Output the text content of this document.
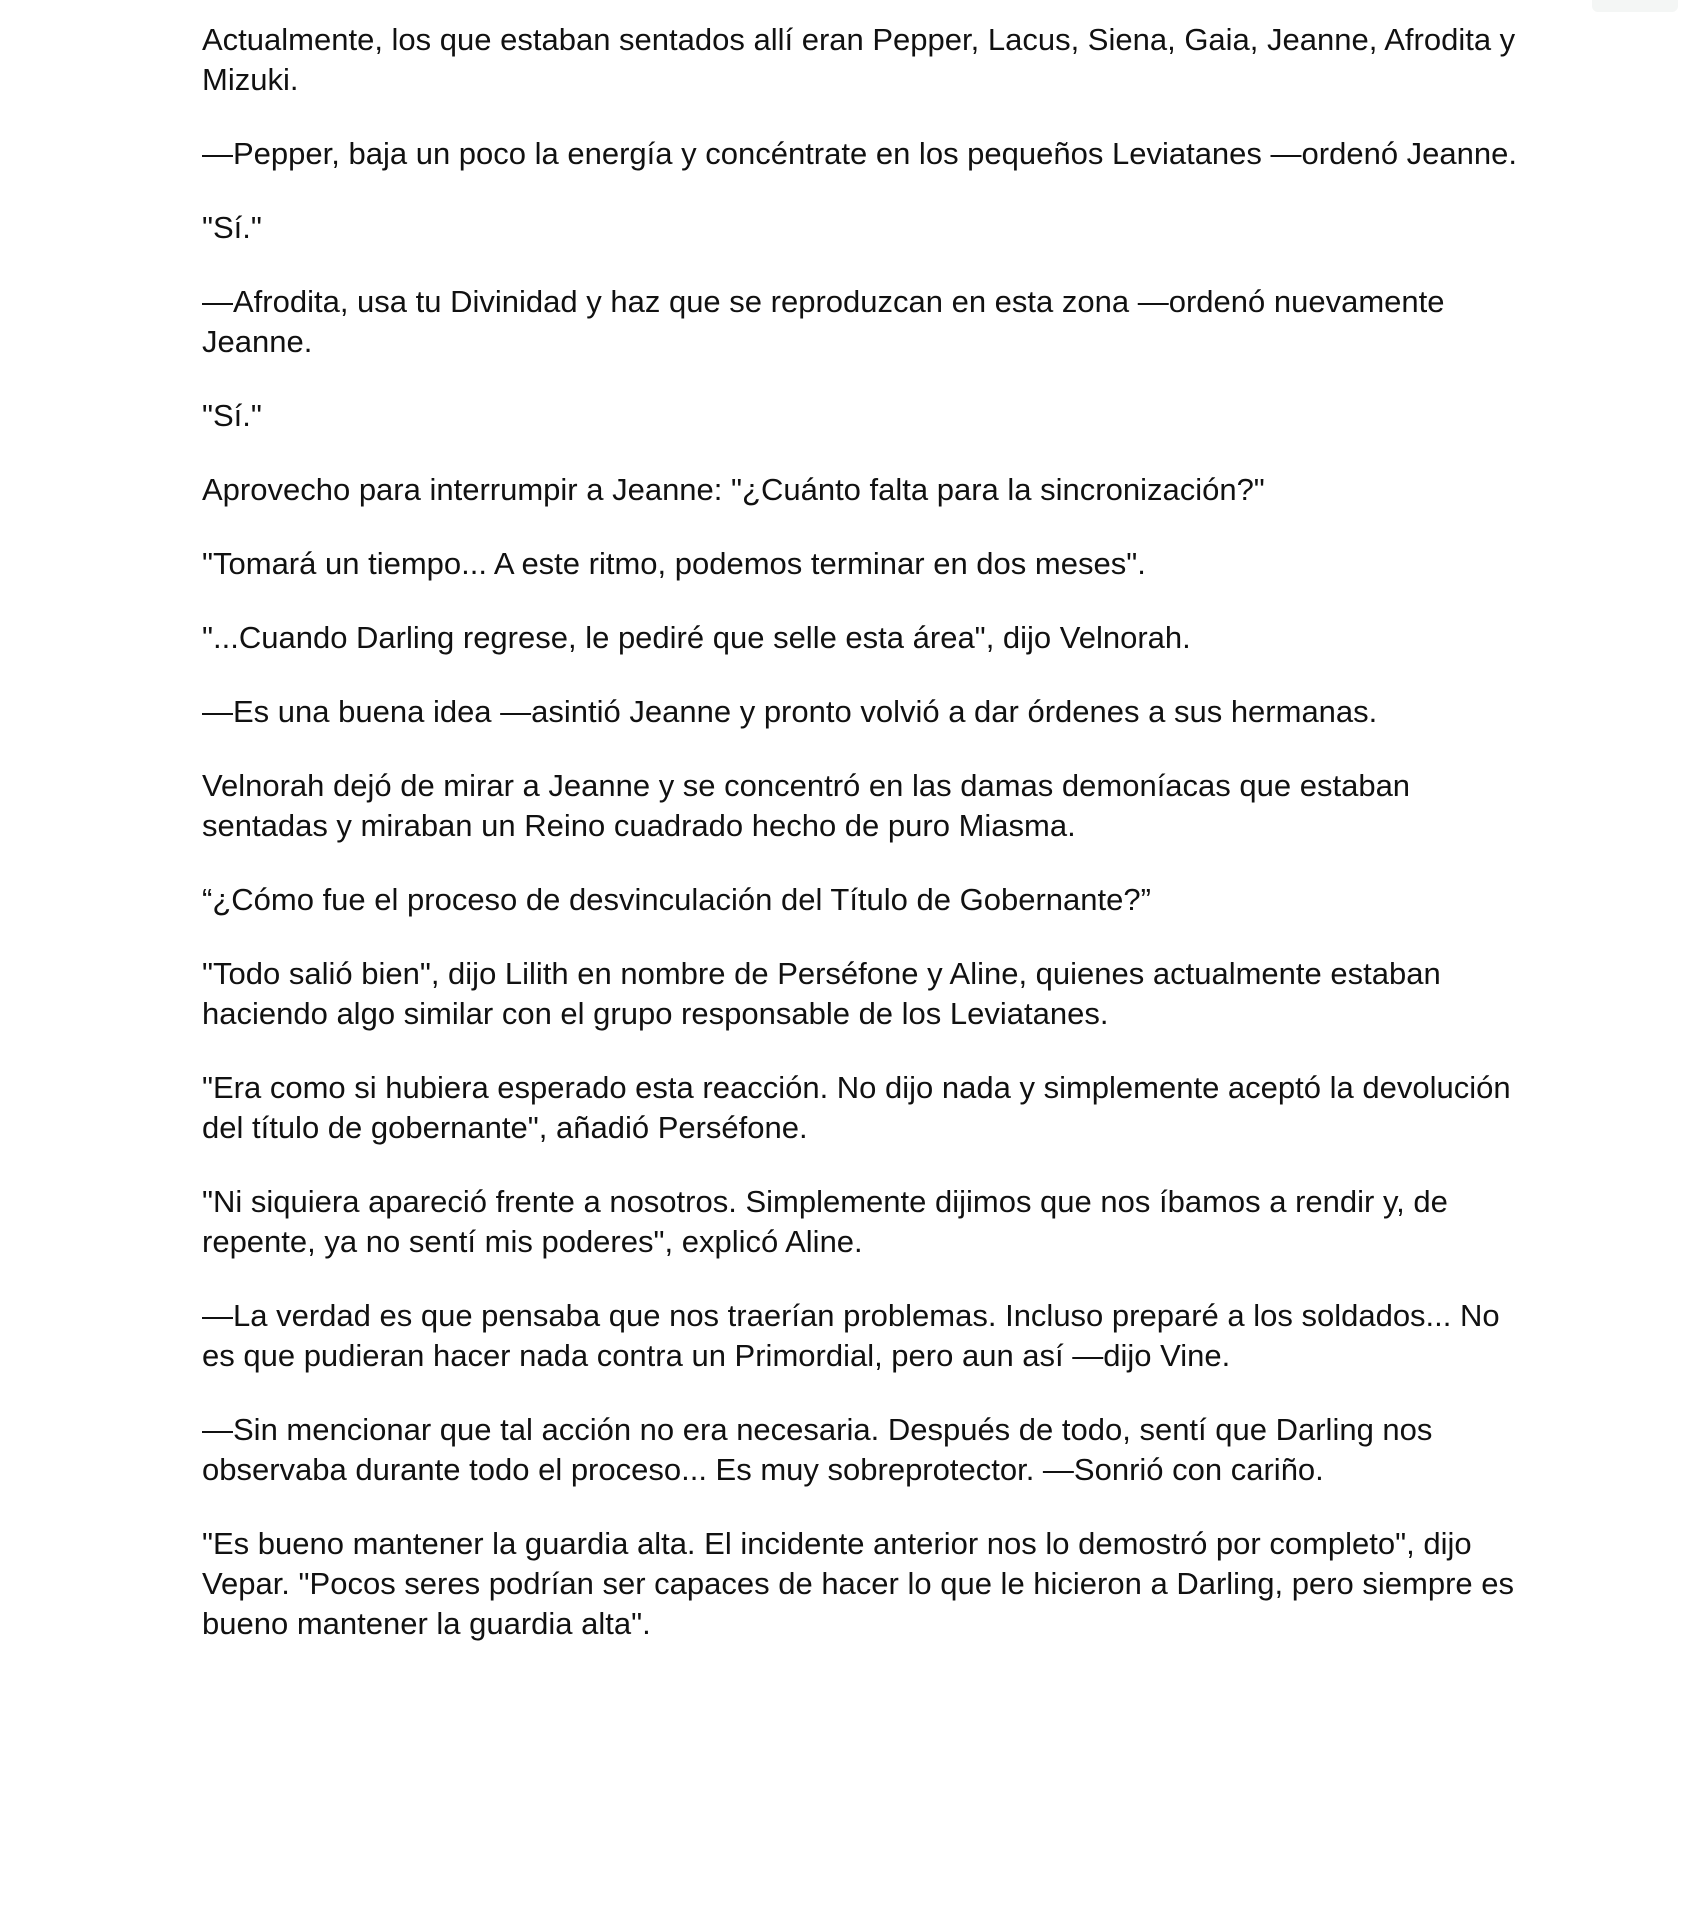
Actualmente, los que estaban sentados allí eran Pepper, Lacus, Siena, Gaia, Jeanne, Afrodita y Mizuki.

—Pepper, baja un poco la energía y concéntrate en los pequeños Leviatanes —ordenó Jeanne.

"Sí."

—Afrodita, usa tu Divinidad y haz que se reproduzcan en esta zona —ordenó nuevamente Jeanne.

"Sí."

Aprovecho para interrumpir a Jeanne: "¿Cuánto falta para la sincronización?"

"Tomará un tiempo... A este ritmo, podemos terminar en dos meses".

"...Cuando Darling regrese, le pediré que selle esta área", dijo Velnorah.

—Es una buena idea —asintió Jeanne y pronto volvió a dar órdenes a sus hermanas.

Velnorah dejó de mirar a Jeanne y se concentró en las damas demoníacas que estaban sentadas y miraban un Reino cuadrado hecho de puro Miasma.

“¿Cómo fue el proceso de desvinculación del Título de Gobernante?”

"Todo salió bien", dijo Lilith en nombre de Perséfone y Aline, quienes actualmente estaban haciendo algo similar con el grupo responsable de los Leviatanes.

"Era como si hubiera esperado esta reacción. No dijo nada y simplemente aceptó la devolución del título de gobernante", añadió Perséfone.

"Ni siquiera apareció frente a nosotros. Simplemente dijimos que nos íbamos a rendir y, de repente, ya no sentí mis poderes", explicó Aline.

—La verdad es que pensaba que nos traerían problemas. Incluso preparé a los soldados... No es que pudieran hacer nada contra un Primordial, pero aun así —dijo Vine.

—Sin mencionar que tal acción no era necesaria. Después de todo, sentí que Darling nos observaba durante todo el proceso... Es muy sobreprotector. —Sonrió con cariño.

"Es bueno mantener la guardia alta. El incidente anterior nos lo demostró por completo", dijo Vepar. "Pocos seres podrían ser capaces de hacer lo que le hicieron a Darling, pero siempre es bueno mantener la guardia alta".
